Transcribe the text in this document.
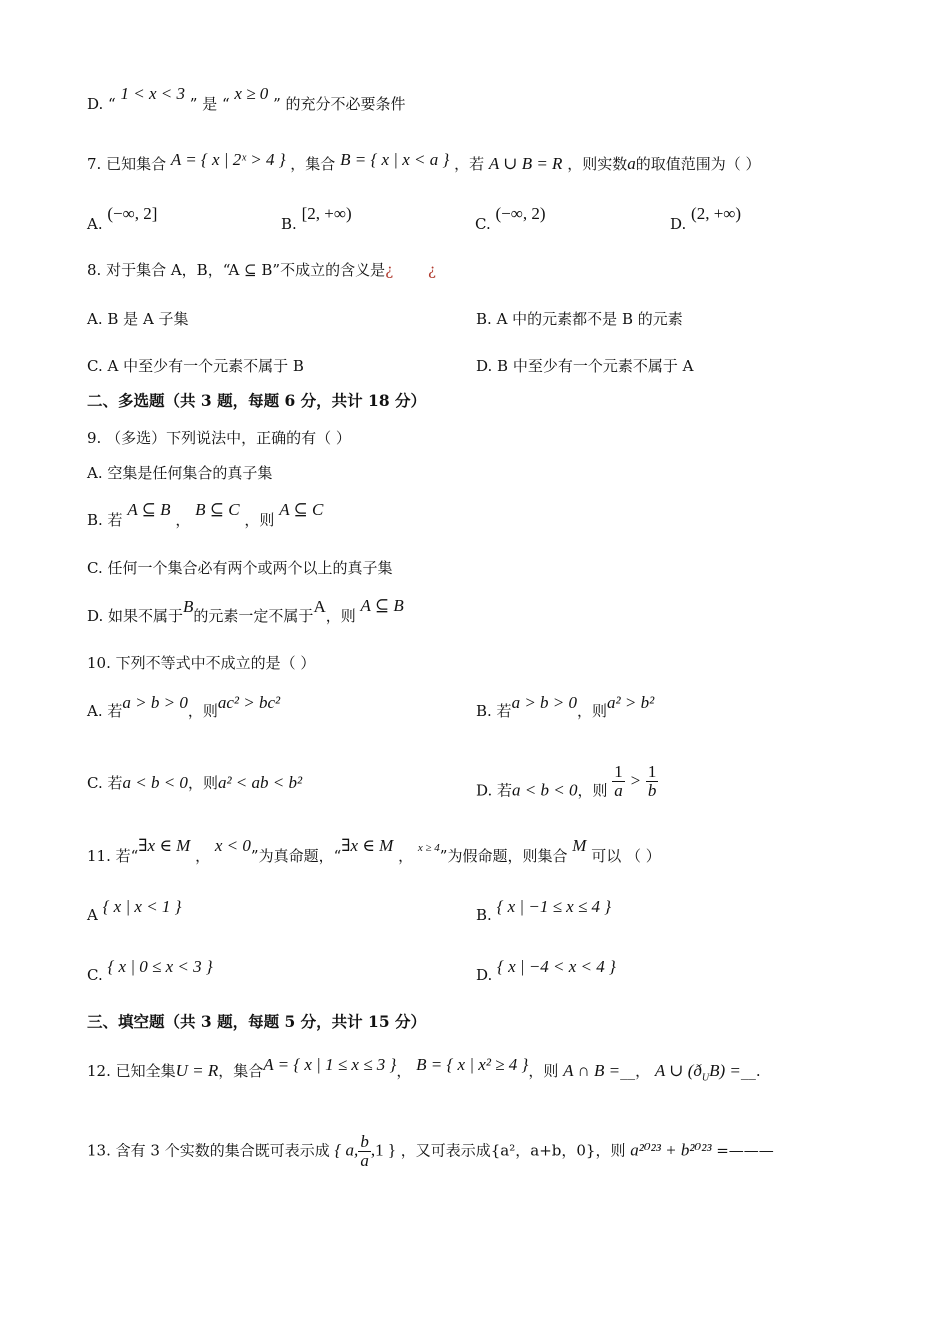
D. “ 1 < x < 3 ” 是 “ x ≥ 0 ” 的充分不必要条件
7. 已知集合 A = { x | 2ˣ > 4 } ，集合 B = { x | x < a } ，若 A ∪ B = R ，则实数a的取值范围为（ ）
A. (−∞, 2]
B. [2, +∞)
C. (−∞, 2)
D. (2, +∞)
8. 对于集合 A，B，“A ⊆ B”不成立的含义是¿ ¿
A. B 是 A 子集	B. A 中的元素都不是 B 的元素
C. A 中至少有一个元素不属于 B	D. B 中至少有一个元素不属于 A
二、多选题（共 3 题，每题 6 分，共计 18 分）
9. （多选）下列说法中，正确的有（ ）
A. 空集是任何集合的真子集
B. 若 A ⊆ B ， B ⊆ C ，则 A ⊆ C
C. 任何一个集合必有两个或两个以上的真子集
D. 如果不属于B的元素一定不属于A，则 A ⊆ B
10. 下列不等式中不成立的是（ ）
A. 若a > b > 0，则ac² > bc²	B. 若a > b > 0，则a² > b²
C. 若a < b < 0，则a² < ab < b²	D. 若a < b < 0，则 $\frac{1}{a} > \frac{1}{b}$
11. 若“∃x ∈ M ， x < 0”为真命题，“∃x ∈ M ， $^{x \ge 4}$”为假命题，则集合 M 可以 （ ）
A { x | x < 1 }	B. { x | −1 ≤ x ≤ 4 }
C. { x | 0 ≤ x < 3 }	D. { x | −4 < x < 4 }
三、填空题（共 3 题，每题 5 分，共计 15 分）
12. 已知全集U = R，集合A = { x | 1 ≤ x ≤ 3 }， B = { x | x² ≥ 4 }，则 A ∩ B =__， A ∪ $(ð_UB)$ =__.
13. 含有 3 个实数的集合既可表示成 { a, $\frac{b}{a} ,1$ } ，又可表示成{a²，a+b，0}，则 a²⁰²³ + b²⁰²³ =———
